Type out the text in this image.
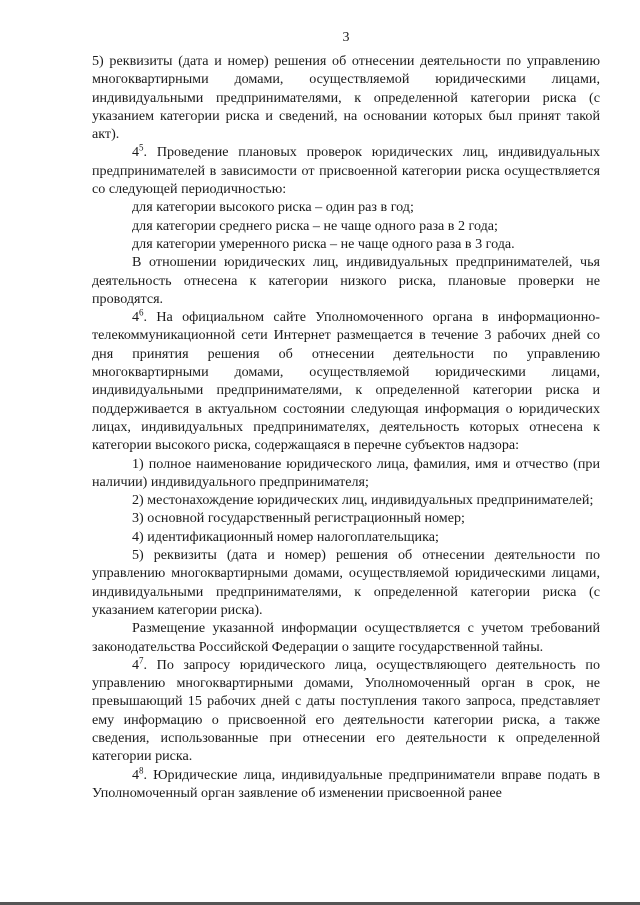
3

5) реквизиты (дата и номер) решения об отнесении деятельности по управлению многоквартирными домами, осуществляемой юридическими лицами, индивидуальными предпринимателями, к определенной категории риска (с указанием категории риска и сведений, на основании которых был принят такой акт).

$4^5$. Проведение плановых проверок юридических лиц, индивидуальных предпринимателей в зависимости от присвоенной категории риска осуществляется со следующей периодичностью:

для категории высокого риска – один раз в год;

для категории среднего риска – не чаще одного раза в 2 года;

для категории умеренного риска – не чаще одного раза в 3 года.

В отношении юридических лиц, индивидуальных предпринимателей, чья деятельность отнесена к категории низкого риска, плановые проверки не проводятся.

$4^6$. На официальном сайте Уполномоченного органа в информационно-телекоммуникационной сети Интернет размещается в течение 3 рабочих дней со дня принятия решения об отнесении деятельности по управлению многоквартирными домами, осуществляемой юридическими лицами, индивидуальными предпринимателями, к определенной категории риска и поддерживается в актуальном состоянии следующая информация о юридических лицах, индивидуальных предпринимателях, деятельность которых отнесена к категории высокого риска, содержащаяся в перечне субъектов надзора:

1) полное наименование юридического лица, фамилия, имя и отчество (при наличии) индивидуального предпринимателя;

2) местонахождение юридических лиц, индивидуальных предпринимателей;

3) основной государственный регистрационный номер;

4) идентификационный номер налогоплательщика;

5) реквизиты (дата и номер) решения об отнесении деятельности по управлению многоквартирными домами, осуществляемой юридическими лицами, индивидуальными предпринимателями, к определенной категории риска (с указанием категории риска).

Размещение указанной информации осуществляется с учетом требований законодательства Российской Федерации о защите государственной тайны.

$4^7$. По запросу юридического лица, осуществляющего деятельность по управлению многоквартирными домами, Уполномоченный орган в срок, не превышающий 15 рабочих дней с даты поступления такого запроса, представляет ему информацию о присвоенной его деятельности категории риска, а также сведения, использованные при отнесении его деятельности к определенной категории риска.

$4^8$. Юридические лица, индивидуальные предприниматели вправе подать в Уполномоченный орган заявление об изменении присвоенной ранее
